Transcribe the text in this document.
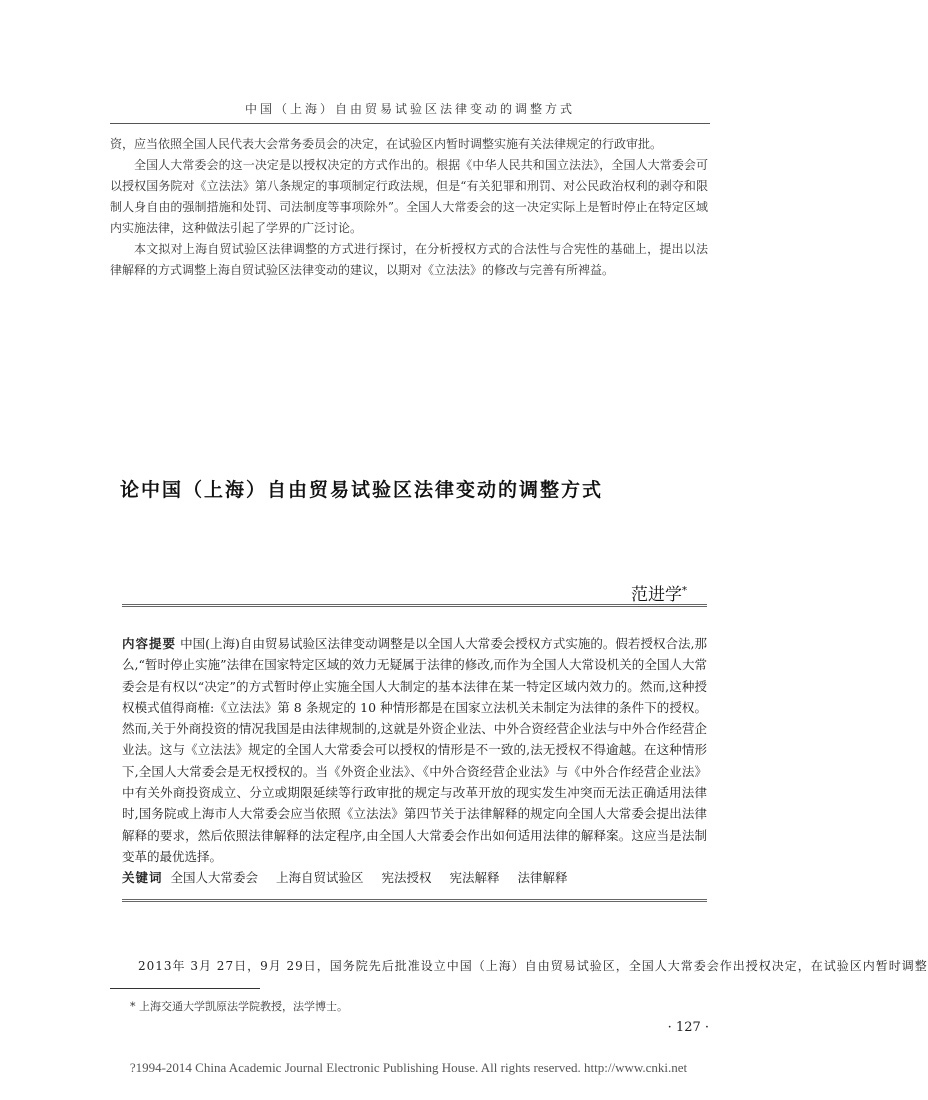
中国（上海）自由贸易试验区法律变动的调整方式

资，应当依照全国人民代表大会常务委员会的决定，在试验区内暂时调整实施有关法律规定的行政审批。

全国人大常委会的这一决定是以授权决定的方式作出的。根据《中华人民共和国立法法》，全国人大常委会可以授权国务院对《立法法》第八条规定的事项制定行政法规，但是“有关犯罪和刑罚、对公民政治权利的剥夺和限制人身自由的强制措施和处罚、司法制度等事项除外”。全国人大常委会的这一决定实际上是暂时停止在特定区域内实施法律，这种做法引起了学界的广泛讨论。

本文拟对上海自贸试验区法律调整的方式进行探讨，在分析授权方式的合法性与合宪性的基础上，提出以法律解释的方式调整上海自贸试验区法律变动的建议，以期对《立法法》的修改与完善有所裨益。

论中国（上海）自由贸易试验区法律变动的调整方式
范进学*

内容提要 中国(上海)自由贸易试验区法律变动调整是以全国人大常委会授权方式实施的。假若授权合法,那么,“暂时停止实施”法律在国家特定区域的效力无疑属于法律的修改,而作为全国人大常设机关的全国人大常委会是有权以“决定”的方式暂时停止实施全国人大制定的基本法律在某一特定区域内效力的。然而,这种授权模式值得商榷:《立法法》第 8 条规定的 10 种情形都是在国家立法机关未制定为法律的条件下的授权。然而,关于外商投资的情况我国是由法律规制的,这就是外资企业法、中外合资经营企业法与中外合作经营企业法。这与《立法法》规定的全国人大常委会可以授权的情形是不一致的,法无授权不得逾越。在这种情形下,全国人大常委会是无权授权的。当《外资企业法》、《中外合资经营企业法》与《中外合作经营企业法》中有关外商投资成立、分立或期限延续等行政审批的规定与改革开放的现实发生冲突而无法正确适用法律时,国务院或上海市人大常委会应当依照《立法法》第四节关于法律解释的规定向全国人大常委会提出法律解释的要求，然后依照法律解释的法定程序,由全国人大常委会作出如何适用法律的解释案。这应当是法制变革的最优选择。

关键词 全国人大常委会 上海自贸试验区 宪法授权 宪法解释 法律解释

2013年 3月 27日，9月 29日，国务院先后批准设立中国（上海）自由贸易试验区，全国人大常委会作出授权决定，在试验区内暂时调整
* 上海交通大学凯原法学院教授，法学博士。
· 127 ·
?1994-2014 China Academic Journal Electronic Publishing House. All rights reserved. http://www.cnki.net
